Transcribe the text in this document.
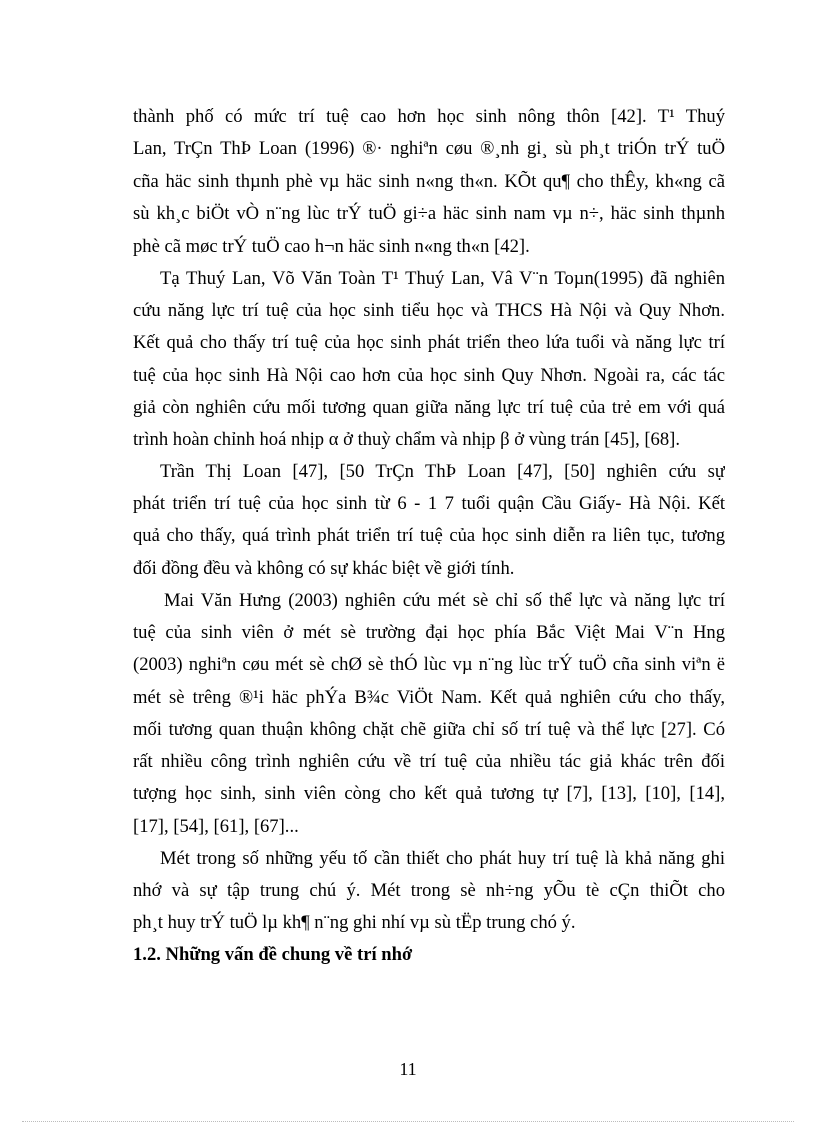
thành phố có mức trí tuệ cao hơn học sinh nông thôn [42]. T¹ Thuý
Lan, TrÇn ThÞ Loan (1996) ®· nghiªn cøu ®¸nh gi¸ sù ph¸t triÓn trÝ tuÖ
cña häc sinh thµnh phè vµ häc sinh n«ng th«n. KÕt qu¶ cho thÊy, kh«ng cã
sù kh¸c biÖt vÒ n¨ng lùc trÝ tuÖ gi÷a häc sinh nam vµ n÷, häc sinh thµnh
phè cã møc trÝ tuÖ cao h¬n häc sinh n«ng th«n [42].
Tạ Thuý Lan, Võ Văn Toàn T¹ Thuý Lan, Vâ V¨n Toµn(1995) đã nghiên
cứu năng lực trí tuệ của học sinh tiểu học và THCS Hà Nội và Quy Nhơn.
Kết quả cho thấy trí tuệ của học sinh phát triển theo lứa tuổi và năng lực trí
tuệ của học sinh Hà Nội cao hơn của học sinh Quy Nhơn. Ngoài ra, các tác
giả còn nghiên cứu mối tương quan giữa năng lực trí tuệ của trẻ em với quá
trình hoàn chỉnh hoá nhịp α ở thuỳ chẩm và nhịp β ở vùng trán [45], [68].
Trần Thị Loan [47], [50 TrÇn ThÞ Loan [47], [50] nghiên cứu sự
phát triển trí tuệ của học sinh từ 6 - 1 7 tuổi quận Cầu Giấy- Hà Nội. Kết
quả cho thấy, quá trình phát triển trí tuệ của học sinh diễn ra liên tục, tương
đối đồng đều và không có sự khác biệt về giới tính.
Mai Văn Hưng (2003) nghiên cứu mét sè chỉ số thể lực và năng lực trí
tuệ của sinh viên ở mét sè trường đại học phía Bắc Việt Mai V¨n Hng
(2003) nghiªn cøu mét sè chØ sè thÓ lùc vµ n¨ng lùc trÝ tuÖ cña sinh viªn ë
mét sè trêng ®¹i häc phÝa B¾c ViÖt Nam. Kết quả nghiên cứu cho thấy,
mối tương quan thuận không chặt chẽ giữa chỉ số trí tuệ và thể lực [27]. Có
rất nhiều công trình nghiên cứu về trí tuệ của nhiều tác giả khác trên đối
tượng học sinh, sinh viên còng cho kết quả tương tự [7], [13], [10], [14],
[17], [54], [61], [67]...
Mét trong số những yếu tố cần thiết cho phát huy trí tuệ là khả năng ghi
nhớ và sự tập trung chú ý. Mét trong sè nh÷ng yÕu tè cÇn thiÕt cho
ph¸t huy trÝ tuÖ lµ kh¶ n¨ng ghi nhí vµ sù tËp trung chó ý.
1.2. Những vấn đề chung về trí nhớ
11
